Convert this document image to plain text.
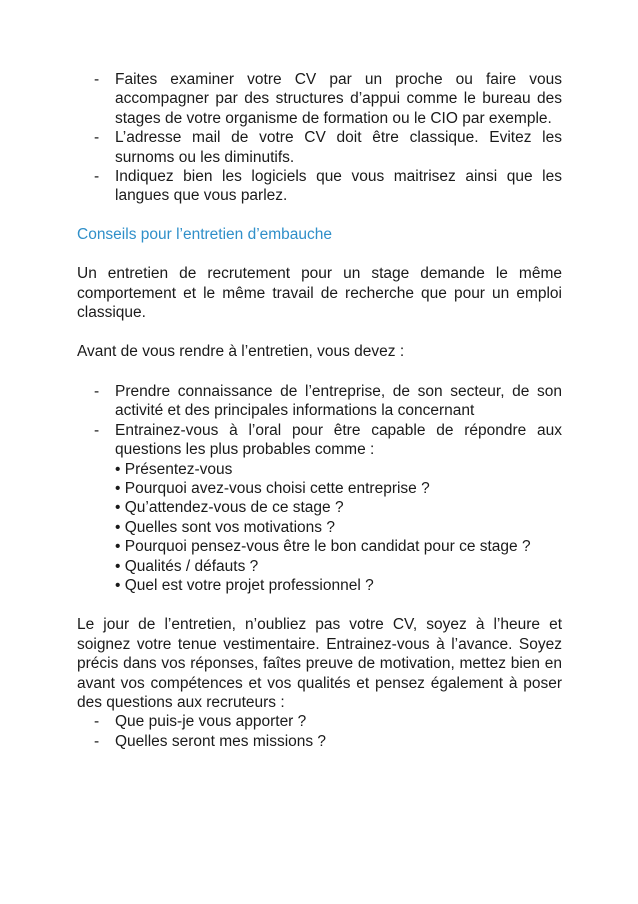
- Faites examiner votre CV par un proche ou faire vous accompagner par des structures d’appui comme le bureau des stages de votre organisme de formation ou le CIO par exemple.
- L’adresse mail de votre CV doit être classique. Evitez les surnoms ou les diminutifs.
- Indiquez bien les logiciels que vous maitrisez ainsi que les langues que vous parlez.
Conseils pour l’entretien d’embauche

Un entretien de recrutement pour un stage demande le même comportement et le même travail de recherche que pour un emploi classique.

Avant de vous rendre à l’entretien, vous devez :

- Prendre connaissance de l’entreprise, de son secteur, de son activité et des principales informations la concernant
- Entrainez-vous à l’oral pour être capable de répondre aux questions les plus probables comme :
• Présentez-vous
• Pourquoi avez-vous choisi cette entreprise ?
• Qu’attendez-vous de ce stage ?
• Quelles sont vos motivations ?
• Pourquoi pensez-vous être le bon candidat pour ce stage ?
• Qualités / défauts ?
• Quel est votre projet professionnel ?

Le jour de l’entretien, n’oubliez pas votre CV, soyez à l’heure et soignez votre tenue vestimentaire. Entrainez-vous à l’avance. Soyez précis dans vos réponses, faîtes preuve de motivation, mettez bien en avant vos compétences et vos qualités et pensez également à poser des questions aux recruteurs :

- Que puis-je vous apporter ?
- Quelles seront mes missions ?
